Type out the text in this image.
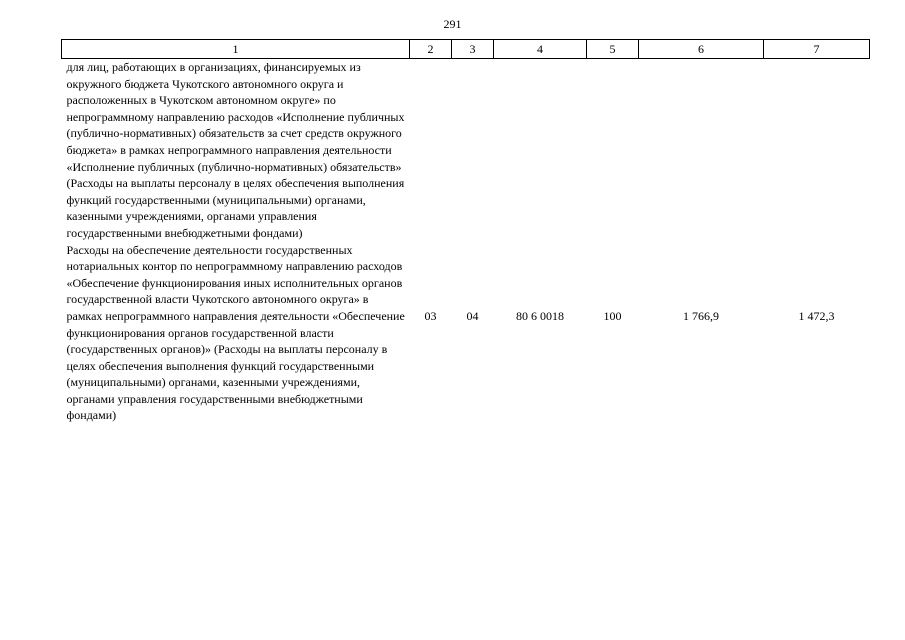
291
1	2	3	4	5	6	7

для лиц, работающих в организациях, финансируемых из окружного бюджета Чукотского автономного округа и расположенных в Чукотском автономном округе» по непрограммному направлению расходов «Исполнение публичных (публично-нормативных) обязательств за счет средств окружного бюджета» в рамках непрограммного направления деятельности «Исполнение публичных (публично-нормативных) обязательств» (Расходы на выплаты персоналу в целях обеспечения выполнения функций государственными (муниципальными) органами, казенными учреждениями, органами управления государственными внебюджетными фондами)
Расходы на обеспечение деятельности государственных нотариальных контор по непрограммному направлению расходов «Обеспечение функционирования иных исполнительных органов государственной власти Чукотского автономного округа» в рамках непрограммного направления деятельности «Обеспечение функционирования органов государственной власти (государственных органов)» (Расходы на выплаты персоналу в целях обеспечения выполнения функций государственными (муниципальными) органами, казенными учреждениями, органами управления государственными внебюджетными фондами)	03	04	80 6 0018	100	1 766,9	1 472,3
